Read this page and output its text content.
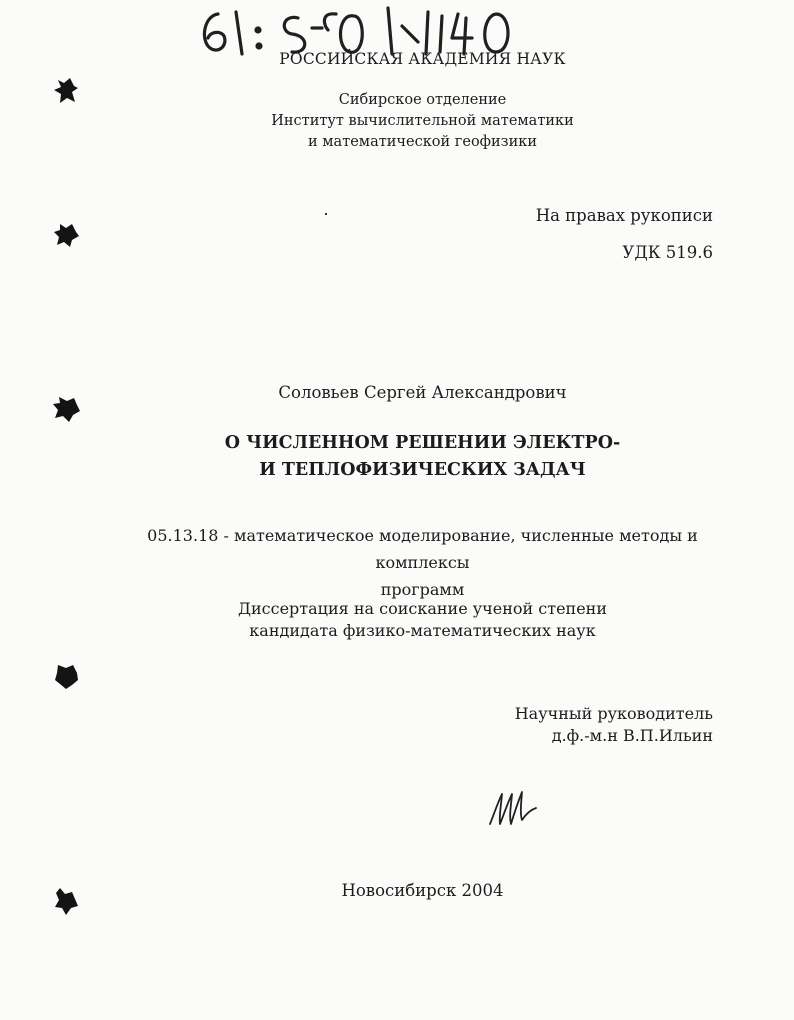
РОССИЙСКАЯ АКАДЕМИЯ НАУК
Сибирское отделение
Институт вычислительной математики
и математической геофизики
На правах рукописи
УДК 519.6
Соловьев Сергей Александрович
О ЧИСЛЕННОМ РЕШЕНИИ ЭЛЕКТРО-
И ТЕПЛОФИЗИЧЕСКИХ ЗАДАЧ
05.13.18 - математическое моделирование, численные методы и комплексы
программ
Диссертация на соискание ученой степени
кандидата физико-математических наук
Научный руководитель
д.ф.-м.н В.П.Ильин
Новосибирск 2004
